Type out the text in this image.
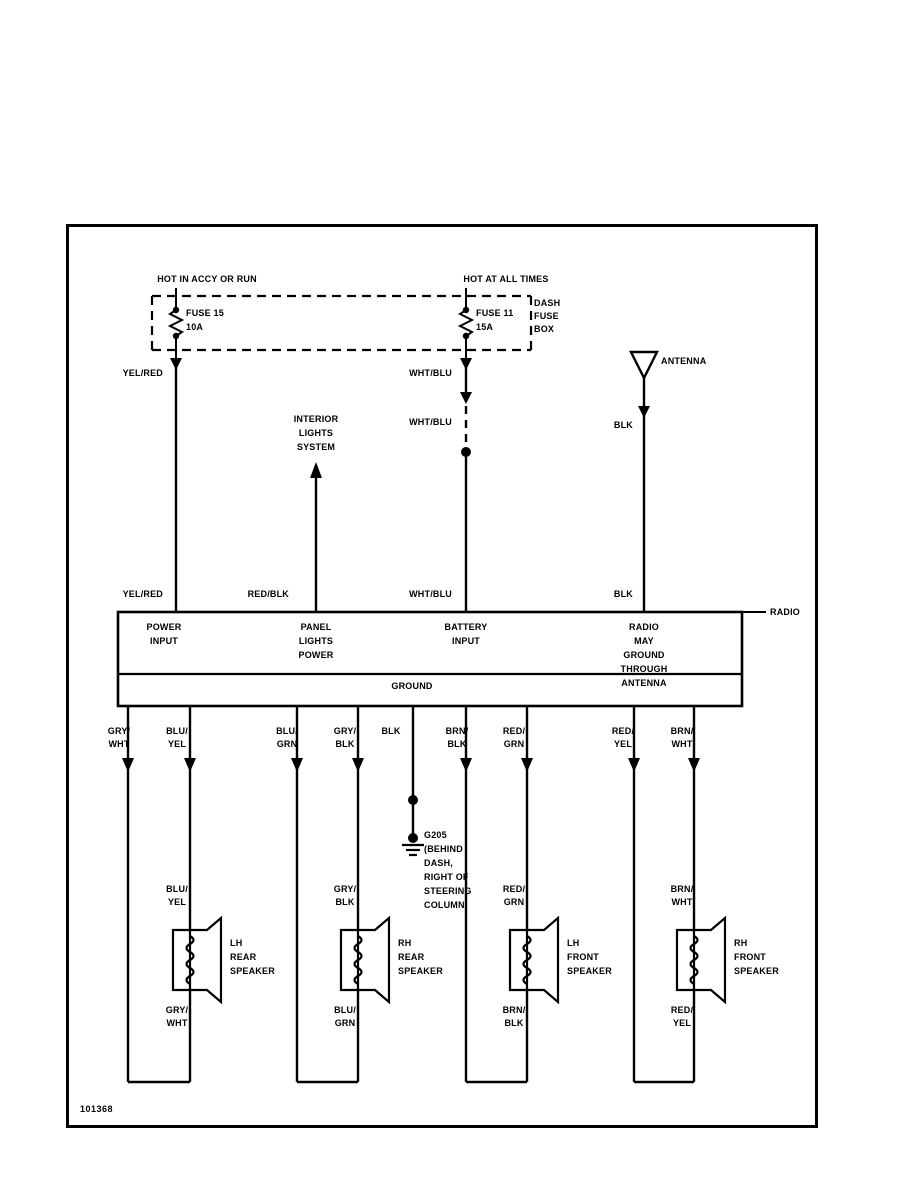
HOT IN ACCY OR RUN	HOT AT ALL TIMES
FUSE 15
10A
FUSE 11
15A
DASH
FUSE
BOX
ANTENNA
YEL/RED	WHT/BLU
WHT/BLU	BLK
INTERIOR
LIGHTS
SYSTEM
YEL/RED	RED/BLK	WHT/BLU	BLK
RADIO
POWER
INPUT
PANEL
LIGHTS
POWER
BATTERY
INPUT
RADIO
MAY
GROUND
THROUGH
ANTENNA
GROUND
GRY/
WHT
BLU/
YEL
BLU/
GRN
GRY/
BLK
BLK	BRN/
BLK
RED/
GRN
RED/
YEL
BRN/
WHT
G205
(BEHIND
DASH,
RIGHT OF
STEERING
COLUMN
BLU/
YEL
GRY/
BLK
RED/
GRN
BRN/
WHT
GRY/
WHT
BLU/
GRN
BRN/
BLK
RED/
YEL
LH
REAR
SPEAKER
RH
REAR
SPEAKER
LH
FRONT
SPEAKER
RH
FRONT
SPEAKER
101368
